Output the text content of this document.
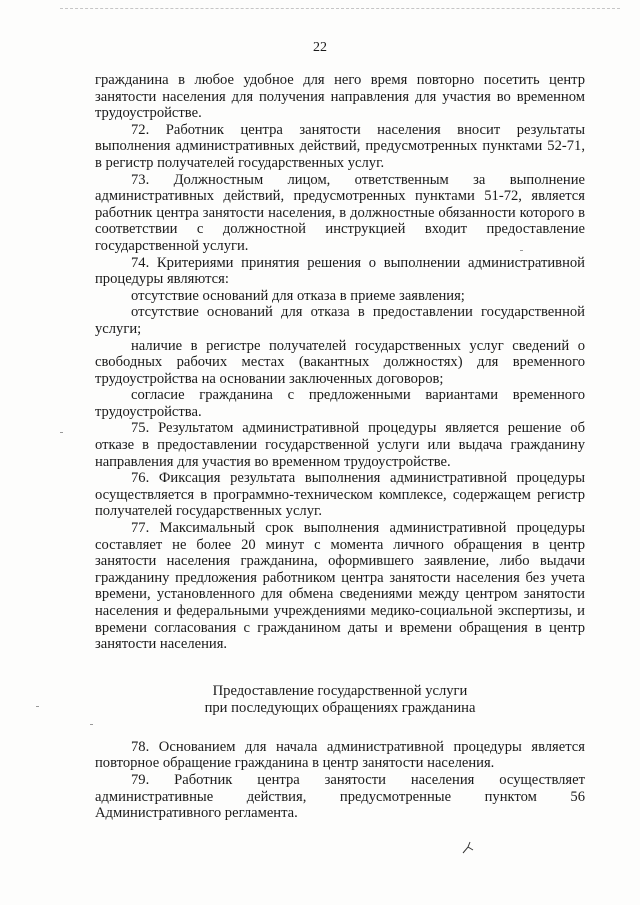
22

гражданина в любое удобное для него время повторно посетить центр занятости населения для получения направления для участия во временном трудоустройстве.

72. Работник центра занятости населения вносит результаты выполнения административных действий, предусмотренных пунктами 52-71, в регистр получателей государственных услуг.

73. Должностным лицом, ответственным за выполнение административных действий, предусмотренных пунктами 51-72, является работник центра занятости населения, в должностные обязанности которого в соответствии с должностной инструкцией входит предоставление государственной услуги.

74. Критериями принятия решения о выполнении административной процедуры являются:

отсутствие оснований для отказа в приеме заявления;

отсутствие оснований для отказа в предоставлении государственной услуги;

наличие в регистре получателей государственных услуг сведений о свободных рабочих местах (вакантных должностях) для временного трудоустройства на основании заключенных договоров;

согласие гражданина с предложенными вариантами временного трудоустройства.

75. Результатом административной процедуры является решение об отказе в предоставлении государственной услуги или выдача гражданину направления для участия во временном трудоустройстве.

76. Фиксация результата выполнения административной процедуры осуществляется в программно-техническом комплексе, содержащем регистр получателей государственных услуг.

77. Максимальный срок выполнения административной процедуры составляет не более 20 минут с момента личного обращения в центр занятости населения гражданина, оформившего заявление, либо выдачи гражданину предложения работником центра занятости населения без учета времени, установленного для обмена сведениями между центром занятости населения и федеральными учреждениями медико-социальной экспертизы, и времени согласования с гражданином даты и времени обращения в центр занятости населения.

Предоставление государственной услуги
при последующих обращениях гражданина

78. Основанием для начала административной процедуры является повторное обращение гражданина в центр занятости населения.

79. Работник центра занятости населения осуществляет административные действия, предусмотренные пунктом 56 Административного регламента.
